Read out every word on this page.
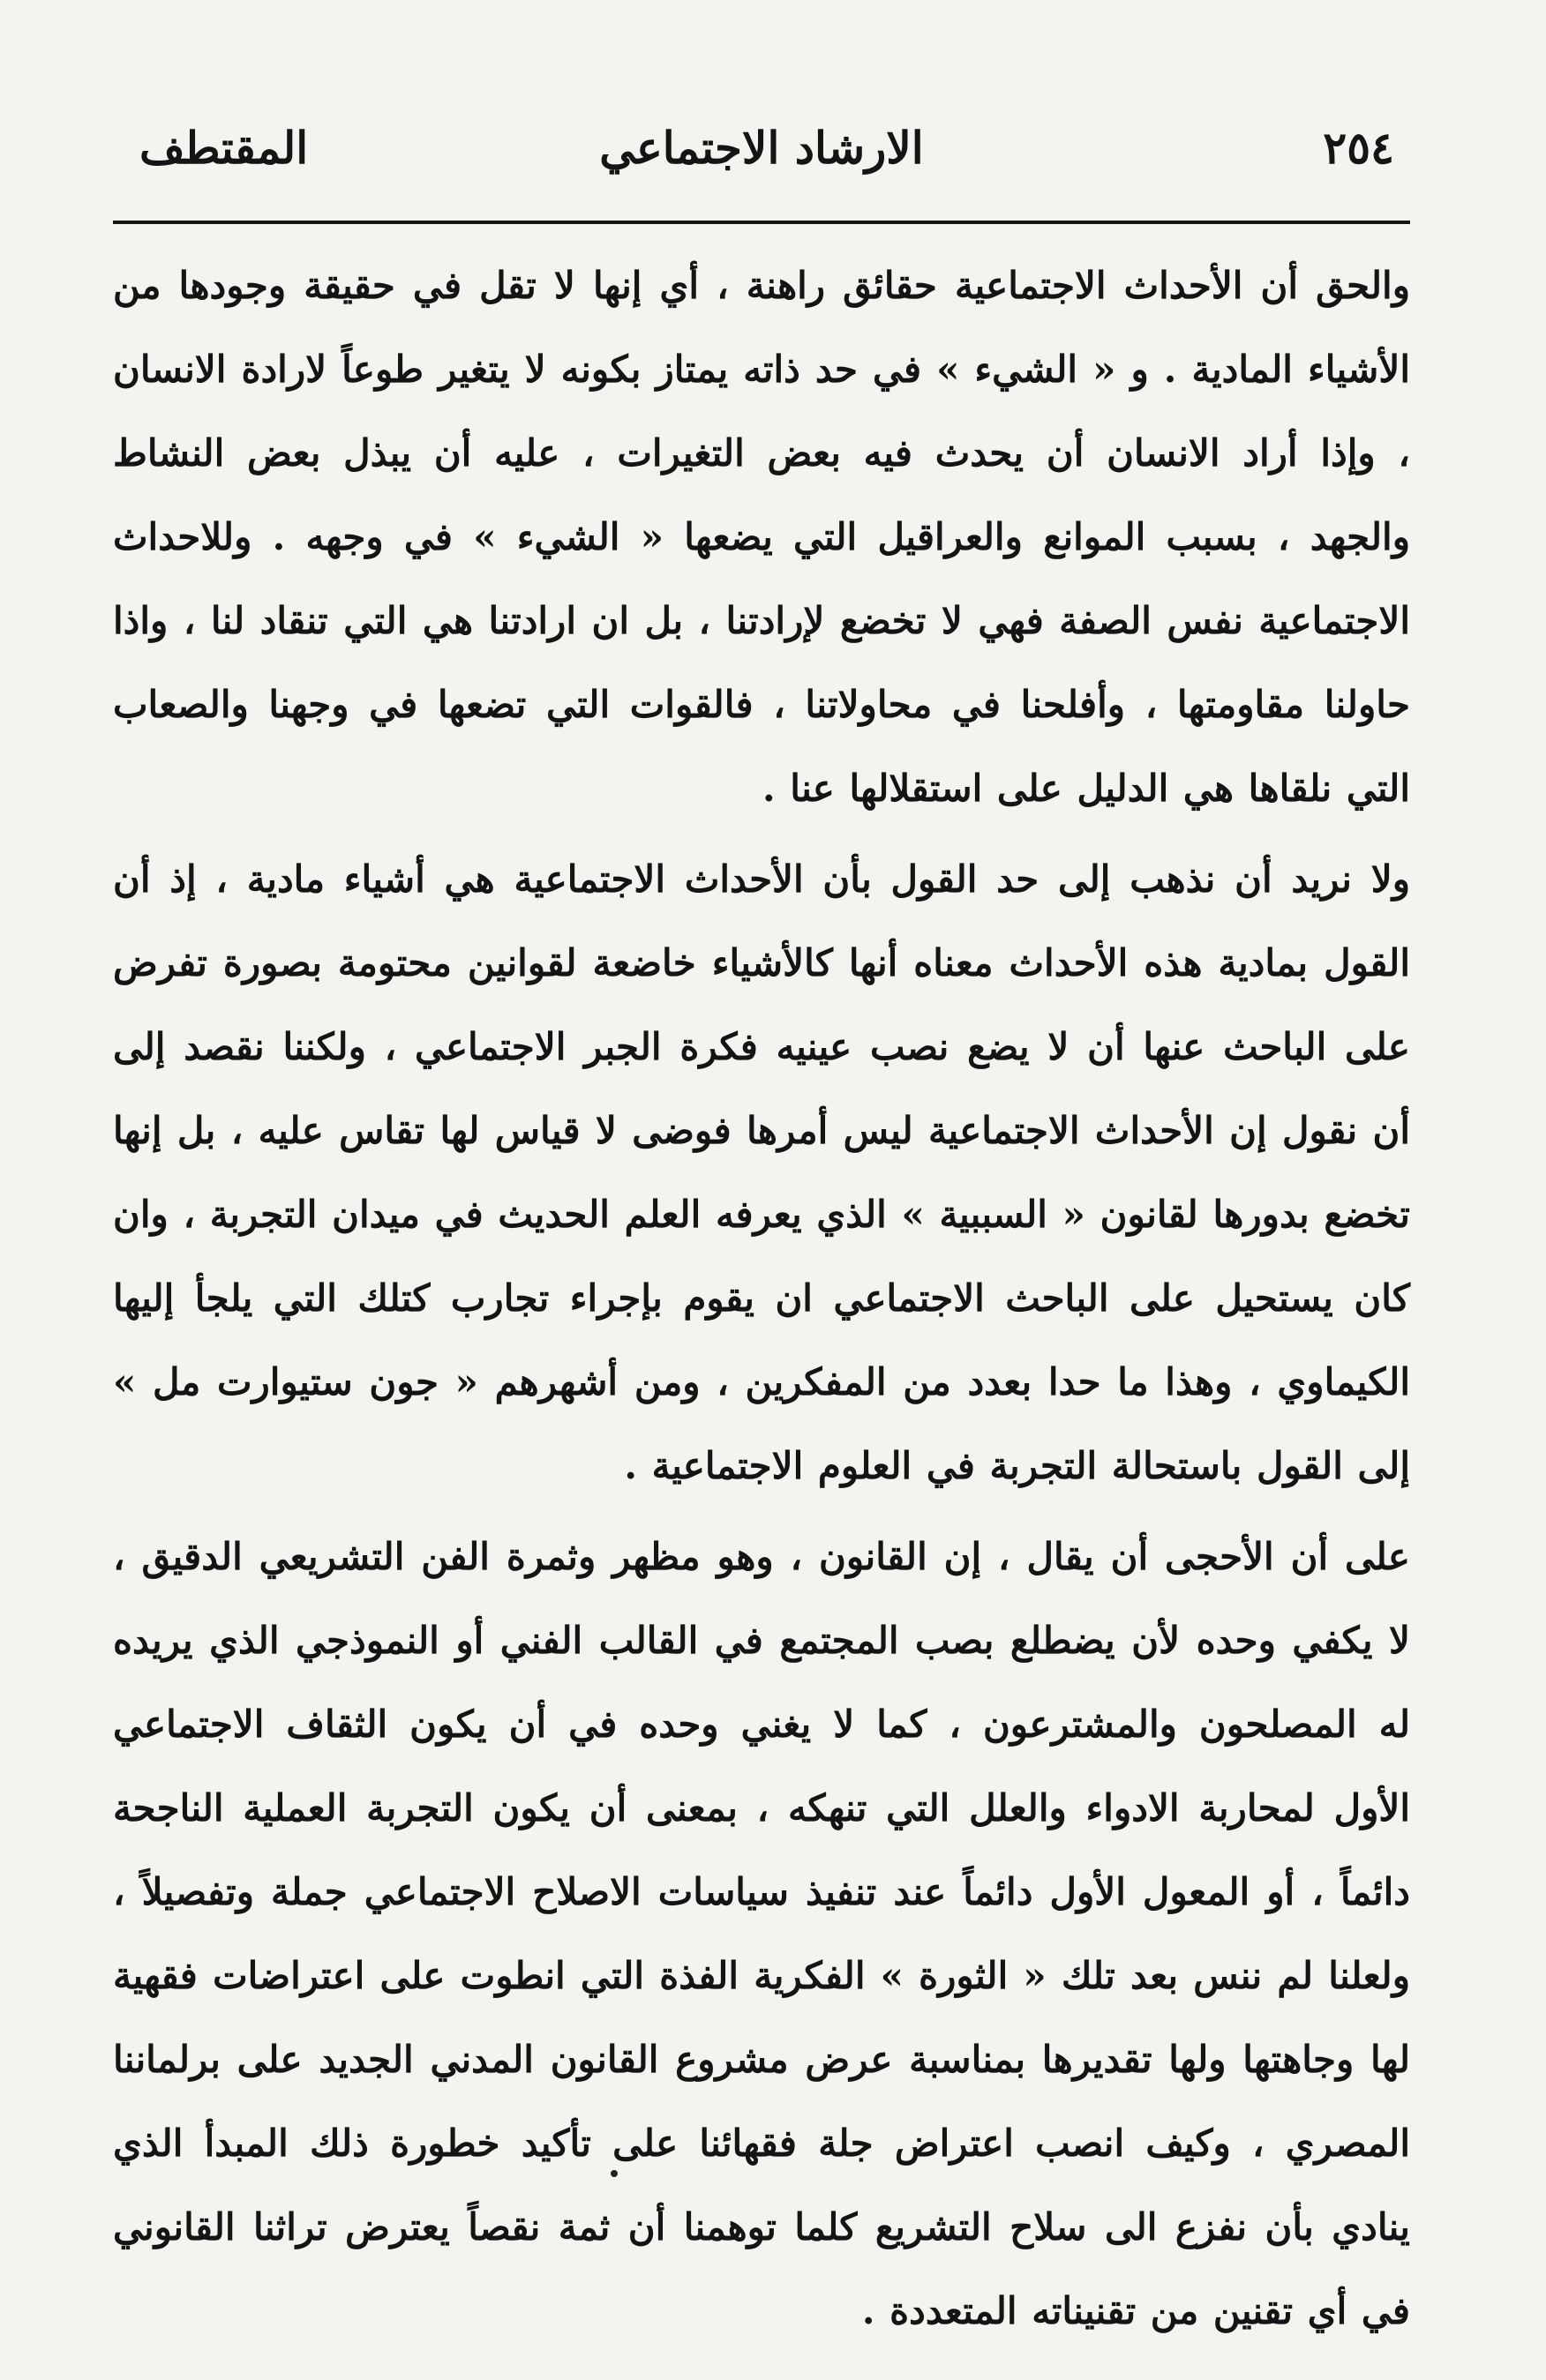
٢٥٤
الارشاد الاجتماعي
المقتطف

والحق أن الأحداث الاجتماعية حقائق راهنة ، أي إنها لا تقل في حقيقة وجودها من الأشياء المادية . و « الشيء » في حد ذاته يمتاز بكونه لا يتغير طوعاً لارادة الانسان ، وإذا أراد الانسان أن يحدث فيه بعض التغيرات ، عليه أن يبذل بعض النشاط والجهد ، بسبب الموانع والعراقيل التي يضعها « الشيء » في وجهه . وللاحداث الاجتماعية نفس الصفة فهي لا تخضع لإرادتنا ، بل ان ارادتنا هي التي تنقاد لنا ، واذا حاولنا مقاومتها ، وأفلحنا في محاولاتنا ، فالقوات التي تضعها في وجهنا والصعاب التي نلقاها هي الدليل على استقلالها عنا .

ولا نريد أن نذهب إلى حد القول بأن الأحداث الاجتماعية هي أشياء مادية ، إذ أن القول بمادية هذه الأحداث معناه أنها كالأشياء خاضعة لقوانين محتومة بصورة تفرض على الباحث عنها أن لا يضع نصب عينيه فكرة الجبر الاجتماعي ، ولكننا نقصد إلى أن نقول إن الأحداث الاجتماعية ليس أمرها فوضى لا قياس لها تقاس عليه ، بل إنها تخضع بدورها لقانون « السببية » الذي يعرفه العلم الحديث في ميدان التجربة ، وان كان يستحيل على الباحث الاجتماعي ان يقوم بإجراء تجارب كتلك التي يلجأ إليها الكيماوي ، وهذا ما حدا بعدد من المفكرين ، ومن أشهرهم « جون ستيوارت مل » إلى القول باستحالة التجربة في العلوم الاجتماعية .

على أن الأحجى أن يقال ، إن القانون ، وهو مظهر وثمرة الفن التشريعي الدقيق ، لا يكفي وحده لأن يضطلع بصب المجتمع في القالب الفني أو النموذجي الذي يريده له المصلحون والمشترعون ، كما لا يغني وحده في أن يكون الثقاف الاجتماعي الأول لمحاربة الادواء والعلل التي تنهكه ، بمعنى أن يكون التجربة العملية الناجحة دائماً ، أو المعول الأول دائماً عند تنفيذ سياسات الاصلاح الاجتماعي جملة وتفصيلاً ، ولعلنا لم ننس بعد تلك « الثورة » الفكرية الفذة التي انطوت على اعتراضات فقهية لها وجاهتها ولها تقديرها بمناسبة عرض مشروع القانون المدني الجديد على برلماننا المصري ، وكيف انصب اعتراض جلة فقهائنا على تأكيد خطورة ذلك المبدأ الذي ينادي بأن نفزع الى سلاح التشريع كلما توهمنا أن ثمة نقصاً يعترض تراثنا القانوني في أي تقنين من تقنيناته المتعددة .
